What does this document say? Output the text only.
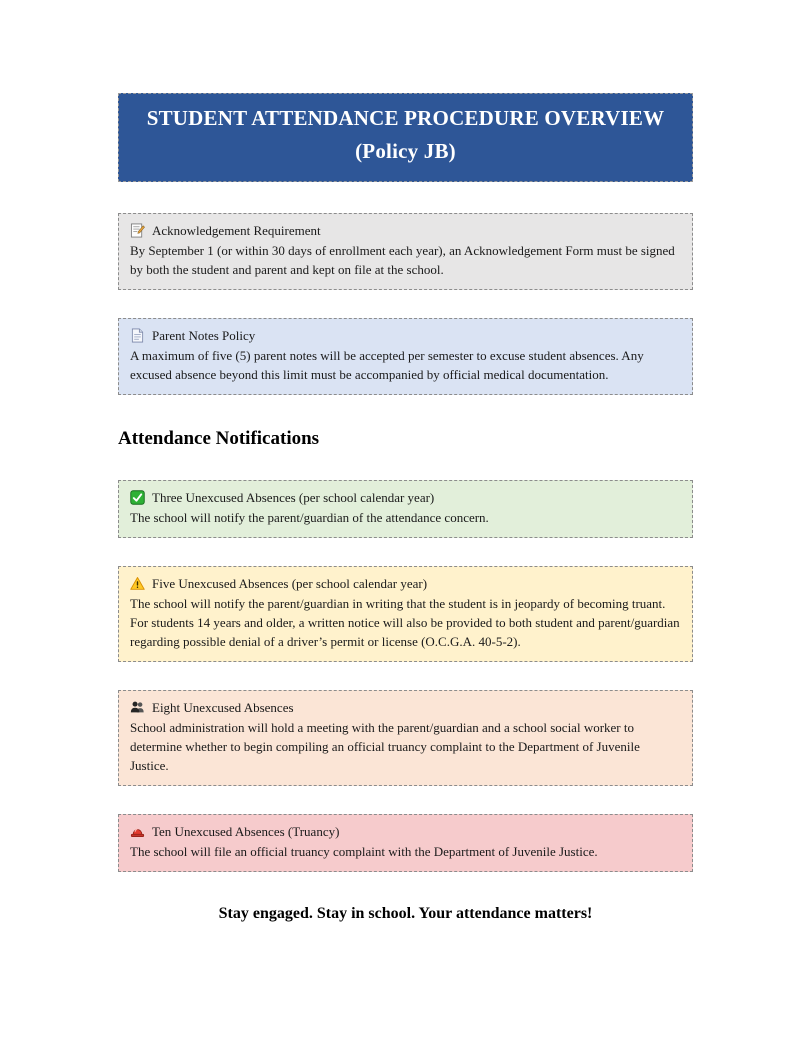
STUDENT ATTENDANCE PROCEDURE OVERVIEW
(Policy JB)
Acknowledgement Requirement
By September 1 (or within 30 days of enrollment each year), an Acknowledgement Form must be signed by both the student and parent and kept on file at the school.
Parent Notes Policy
A maximum of five (5) parent notes will be accepted per semester to excuse student absences. Any excused absence beyond this limit must be accompanied by official medical documentation.
Attendance Notifications
Three Unexcused Absences (per school calendar year)
The school will notify the parent/guardian of the attendance concern.
Five Unexcused Absences (per school calendar year)
The school will notify the parent/guardian in writing that the student is in jeopardy of becoming truant.
For students 14 years and older, a written notice will also be provided to both student and parent/guardian regarding possible denial of a driver’s permit or license (O.C.G.A. 40-5-2).
Eight Unexcused Absences
School administration will hold a meeting with the parent/guardian and a school social worker to determine whether to begin compiling an official truancy complaint to the Department of Juvenile Justice.
Ten Unexcused Absences (Truancy)
The school will file an official truancy complaint with the Department of Juvenile Justice.
Stay engaged. Stay in school. Your attendance matters!
